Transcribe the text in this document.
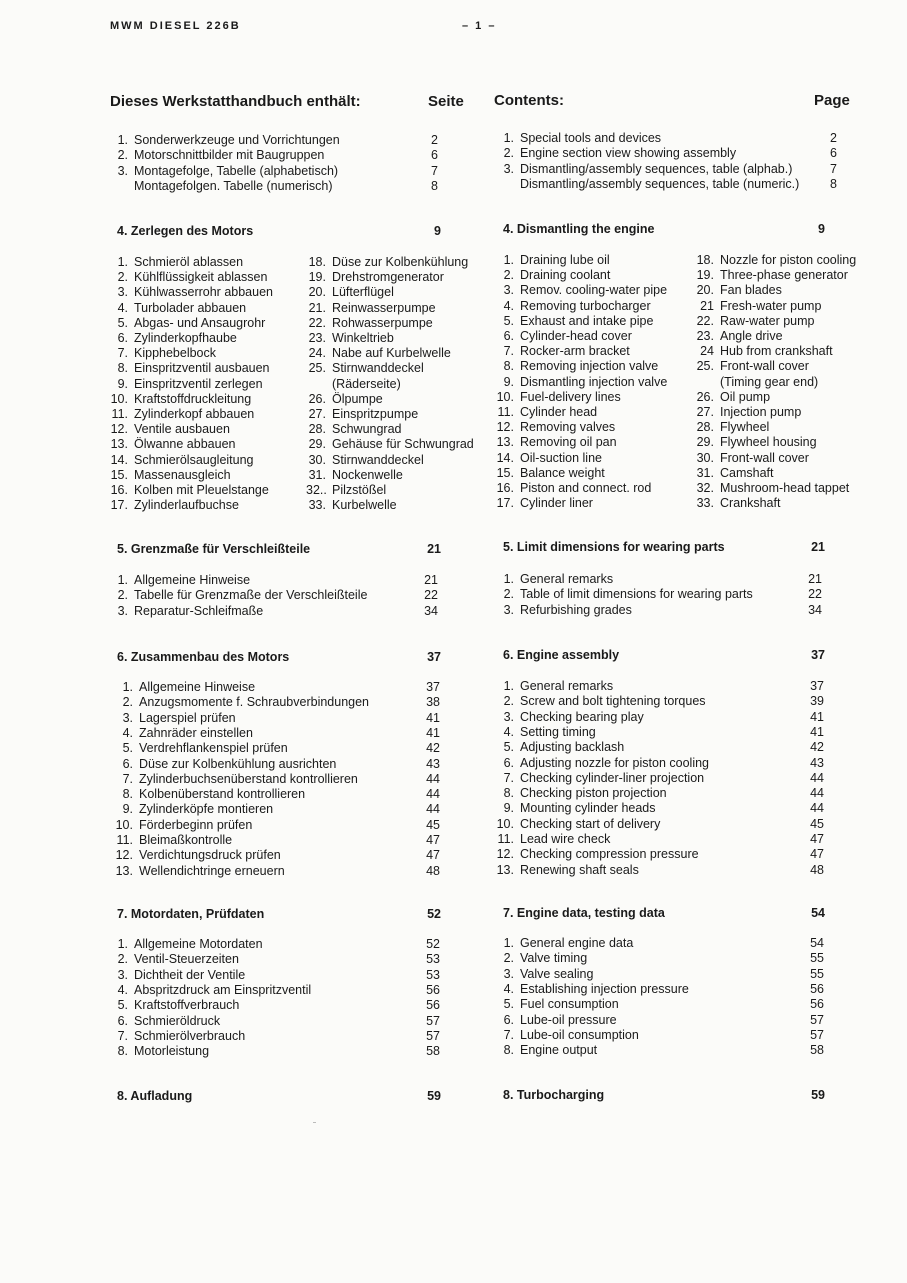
MWM DIESEL 226B	– 1 –
Dieses Werkstatthandbuch enthält:	Seite Contents:	Page
4. Zerlegen des Motors	9	4. Dismantling the engine	9
5. Grenzmaße für Verschleißteile	21	5. Limit dimensions for wearing parts	21
6. Zusammenbau des Motors	37	6. Engine assembly	37
7. Motordaten, Prüfdaten	52	7. Engine data, testing data	54
8. Aufladung	59	8. Turbocharging	59
1. Sonderwerkzeuge und Vorrichtungen	2
2. Motorschnittbilder mit Baugruppen	6
3. Montagefolge, Tabelle (alphabetisch)	7
Montagefolgen. Tabelle (numerisch)	8
1. Special tools and devices	2
2. Engine section view showing assembly	6
3. Dismantling/assembly sequences, table (alphab.)	7
Dismantling/assembly sequences, table (numeric.)	8
1. Schmieröl ablassen
2. Kühlflüssigkeit ablassen
3. Kühlwasserrohr abbauen
4. Turbolader abbauen
5. Abgas- und Ansaugrohr
6. Zylinderkopfhaube
7. Kipphebelbock
8. Einspritzventil ausbauen
9. Einspritzventil zerlegen
10. Kraftstoffdruckleitung
11. Zylinderkopf abbauen
12. Ventile ausbauen
13. Ölwanne abbauen
14. Schmierölsaugleitung
15. Massenausgleich
16. Kolben mit Pleuelstange
17. Zylinderlaufbuchse
18. Düse zur Kolbenkühlung
19. Drehstromgenerator
20. Lüfterflügel
21. Reinwasserpumpe
22. Rohwasserpumpe
23. Winkeltrieb
24. Nabe auf Kurbelwelle
25. Stirnwanddeckel
(Räderseite)
26. Ölpumpe
27. Einspritzpumpe
28. Schwungrad
29. Gehäuse für Schwungrad
30. Stirnwanddeckel
31. Nockenwelle
32.. Pilzstößel
33. Kurbelwelle
1. Draining lube oil
2. Draining coolant
3. Remov. cooling-water pipe
4. Removing turbocharger
5. Exhaust and intake pipe
6. Cylinder-head cover
7. Rocker-arm bracket
8. Removing injection valve
9. Dismantling injection valve
10. Fuel-delivery lines
11. Cylinder head
12. Removing valves
13. Removing oil pan
14. Oil-suction line
15. Balance weight
16. Piston and connect. rod
17. Cylinder liner
18. Nozzle for piston cooling
19. Three-phase generator
20. Fan blades
21 Fresh-water pump
22. Raw-water pump
23. Angle drive
24 Hub from crankshaft
25. Front-wall cover
(Timing gear end)
26. Oil pump
27. Injection pump
28. Flywheel
29. Flywheel housing
30. Front-wall cover
31. Camshaft
32. Mushroom-head tappet
33. Crankshaft
1. Allgemeine Hinweise	21
2. Tabelle für Grenzmaße der Verschleißteile	22
3. Reparatur-Schleifmaße	34
1. General remarks	21
2. Table of limit dimensions for wearing parts	22
3. Refurbishing grades	34
1. Allgemeine Hinweise	37
2. Anzugsmomente f. Schraubverbindungen	38
3. Lagerspiel prüfen	41
4. Zahnräder einstellen	41
5. Verdrehflankenspiel prüfen	42
6. Düse zur Kolbenkühlung ausrichten	43
7. Zylinderbuchsenüberstand kontrollieren	44
8. Kolbenüberstand kontrollieren	44
9. Zylinderköpfe montieren	44
10. Förderbeginn prüfen	45
11. Bleimaßkontrolle	47
12. Verdichtungsdruck prüfen	47
13. Wellendichtringe erneuern	48
1. General remarks	37
2. Screw and bolt tightening torques	39
3. Checking bearing play	41
4. Setting timing	41
5. Adjusting backlash	42
6. Adjusting nozzle for piston cooling	43
7. Checking cylinder-liner projection	44
8. Checking piston projection	44
9. Mounting cylinder heads	44
10. Checking start of delivery	45
11. Lead wire check	47
12. Checking compression pressure	47
13. Renewing shaft seals	48
1. Allgemeine Motordaten	52
2. Ventil-Steuerzeiten	53
3. Dichtheit der Ventile	53
4. Abspritzdruck am Einspritzventil	56
5. Kraftstoffverbrauch	56
6. Schmieröldruck	57
7. Schmierölverbrauch	57
8. Motorleistung	58
1. General engine data	54
2. Valve timing	55
3. Valve sealing	55
4. Establishing injection pressure	56
5. Fuel consumption	56
6. Lube-oil pressure	57
7. Lube-oil consumption	57
8. Engine output	58
